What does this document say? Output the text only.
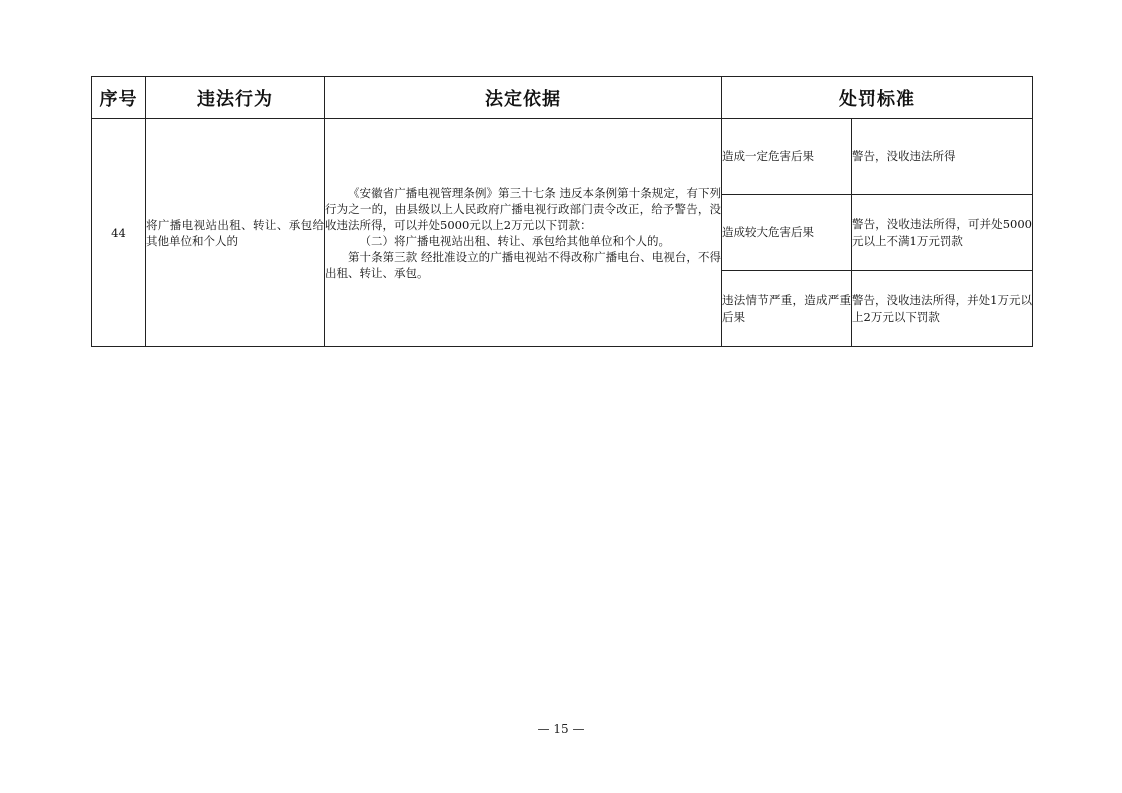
序号	违法行为	法定依据	处罚标准	
44	将广播电视站出租、转让、承包给其他单位和个人的	《安徽省广播电视管理条例》第三十七条 违反本条例第十条规定，有下列行为之一的，由县级以上人民政府广播电视行政部门责令改正，给予警告，没收违法所得，可以并处5000元以上2万元以下罚款：

（二）将广播电视站出租、转让、承包给其他单位和个人的。

第十条第三款 经批准设立的广播电视站不得改称广播电台、电视台，不得出租、转让、承包。	造成一定危害后果	警告，没收违法所得
			造成较大危害后果	警告，没收违法所得，可并处5000元以上不满1万元罚款
			违法情节严重，造成严重后果	警告，没收违法所得，并处1万元以上2万元以下罚款
— 15 —
